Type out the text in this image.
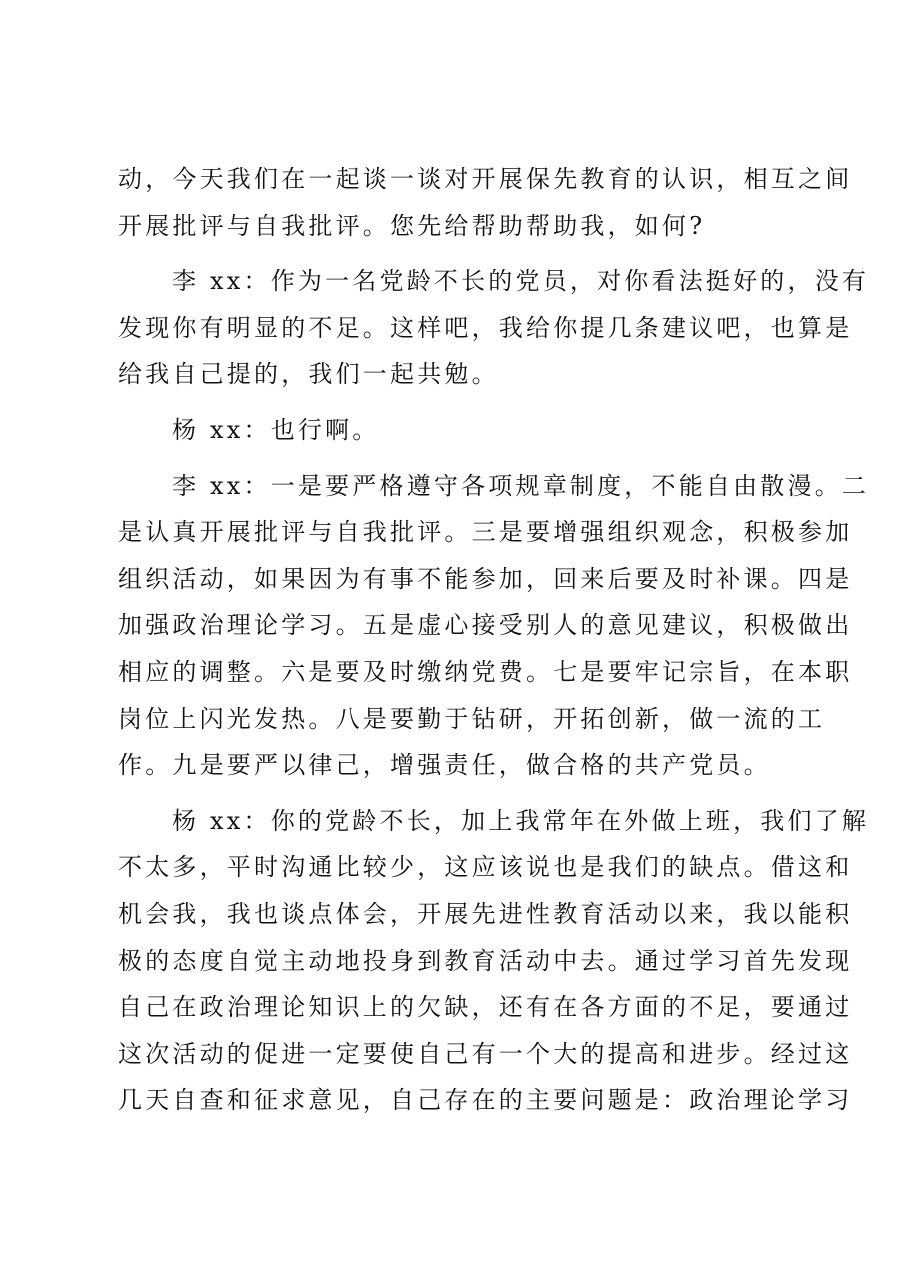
动，今天我们在一起谈一谈对开展保先教育的认识，相互之间
开展批评与自我批评。您先给帮助帮助我，如何?
李 xx：作为一名党龄不长的党员，对你看法挺好的，没有
发现你有明显的不足。这样吧，我给你提几条建议吧，也算是
给我自己提的，我们一起共勉。
杨 xx：也行啊。
李 xx：一是要严格遵守各项规章制度，不能自由散漫。二
是认真开展批评与自我批评。三是要增强组织观念，积极参加
组织活动，如果因为有事不能参加，回来后要及时补课。四是
加强政治理论学习。五是虚心接受别人的意见建议，积极做出
相应的调整。六是要及时缴纳党费。七是要牢记宗旨，在本职
岗位上闪光发热。八是要勤于钻研，开拓创新，做一流的工
作。九是要严以律己，增强责任，做合格的共产党员。
杨 xx：你的党龄不长，加上我常年在外做上班，我们了解
不太多，平时沟通比较少，这应该说也是我们的缺点。借这和
机会我，我也谈点体会，开展先进性教育活动以来，我以能积
极的态度自觉主动地投身到教育活动中去。通过学习首先发现
自己在政治理论知识上的欠缺，还有在各方面的不足，要通过
这次活动的促进一定要使自己有一个大的提高和进步。经过这
几天自查和征求意见，自己存在的主要问题是：政治理论学习
